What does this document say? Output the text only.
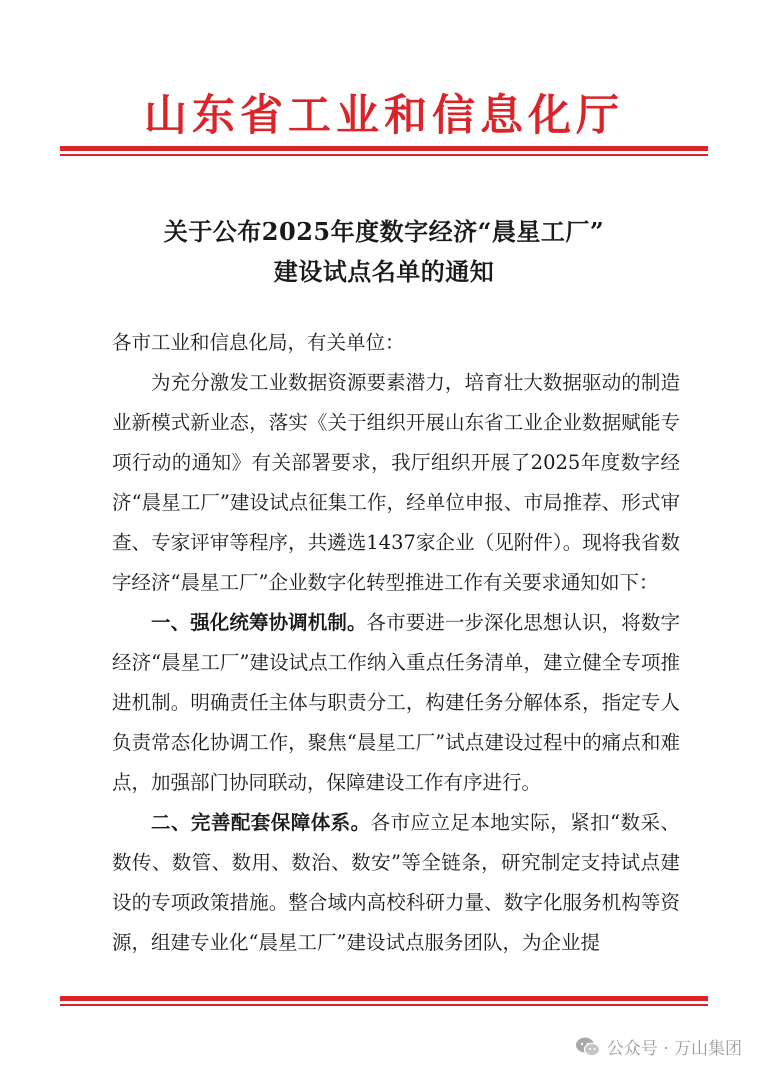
山东省工业和信息化厅
关于公布2025年度数字经济“晨星工厂”
建设试点名单的通知

各市工业和信息化局，有关单位：

为充分激发工业数据资源要素潜力，培育壮大数据驱动的制造业新模式新业态，落实《关于组织开展山东省工业企业数据赋能专项行动的通知》有关部署要求，我厅组织开展了2025年度数字经济“晨星工厂”建设试点征集工作，经单位申报、市局推荐、形式审查、专家评审等程序，共遴选1437家企业（见附件）。现将我省数字经济“晨星工厂”企业数字化转型推进工作有关要求通知如下：

一、强化统筹协调机制。各市要进一步深化思想认识，将数字经济“晨星工厂”建设试点工作纳入重点任务清单，建立健全专项推进机制。明确责任主体与职责分工，构建任务分解体系，指定专人负责常态化协调工作，聚焦“晨星工厂”试点建设过程中的痛点和难点，加强部门协同联动，保障建设工作有序进行。

二、完善配套保障体系。各市应立足本地实际，紧扣“数采、数传、数管、数用、数治、数安”等全链条，研究制定支持试点建设的专项政策措施。整合域内高校科研力量、数字化服务机构等资源，组建专业化“晨星工厂”建设试点服务团队，为企业提

公众号 · 万山集团
